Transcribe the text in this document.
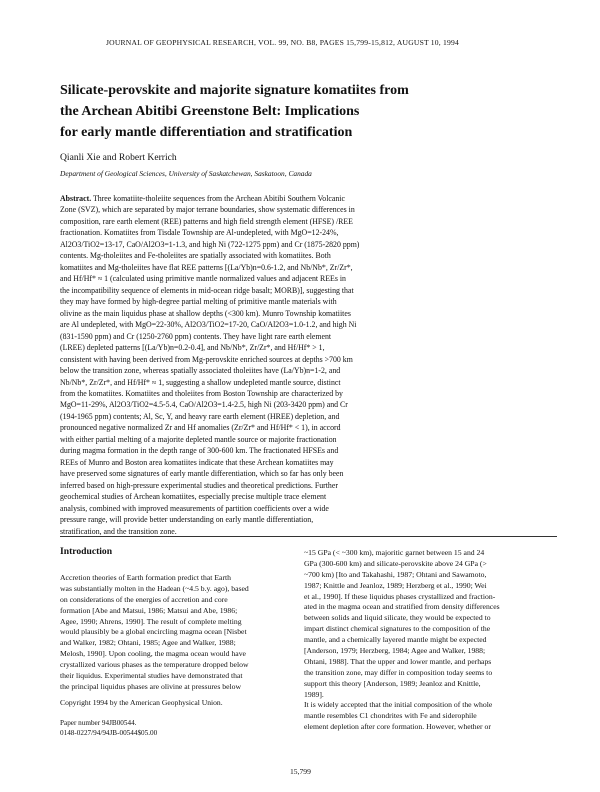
JOURNAL OF GEOPHYSICAL RESEARCH, VOL. 99, NO. B8, PAGES 15,799-15,812, AUGUST 10, 1994
Silicate-perovskite and majorite signature komatiites from
the Archean Abitibi Greenstone Belt: Implications
for early mantle differentiation and stratification
Qianli Xie and Robert Kerrich
Department of Geological Sciences, University of Saskatchewan, Saskatoon, Canada
Abstract. Three komatiite-tholeiite sequences from the Archean Abitibi Southern Volcanic
Zone (SVZ), which are separated by major terrane boundaries, show systematic differences in
composition, rare earth element (REE) patterns and high field strength element (HFSE) /REE
fractionation. Komatiites from Tisdale Township are Al-undepleted, with MgO=12-24%,
Al2O3/TiO2=13-17, CaO/Al2O3=1-1.3, and high Ni (722-1275 ppm) and Cr (1875-2820 ppm)
contents. Mg-tholeiites and Fe-tholeiites are spatially associated with komatiites. Both
komatiites and Mg-tholeiites have flat REE patterns [(La/Yb)n=0.6-1.2, and Nb/Nb*, Zr/Zr*,
and Hf/Hf* ≈ 1 (calculated using primitive mantle normalized values and adjacent REEs in
the incompatibility sequence of elements in mid-ocean ridge basalt; MORB)], suggesting that
they may have formed by high-degree partial melting of primitive mantle materials with
olivine as the main liquidus phase at shallow depths (<300 km). Munro Township komatiites
are Al undepleted, with MgO=22-30%, Al2O3/TiO2=17-20, CaO/Al2O3=1.0-1.2, and high Ni
(831-1590 ppm) and Cr (1250-2760 ppm) contents. They have light rare earth element
(LREE) depleted patterns [(La/Yb)n=0.2-0.4], and Nb/Nb*, Zr/Zr*, and Hf/Hf* > 1,
consistent with having been derived from Mg-perovskite enriched sources at depths >700 km
below the transition zone, whereas spatially associated tholeiites have (La/Yb)n=1-2, and
Nb/Nb*, Zr/Zr*, and Hf/Hf* ≈ 1, suggesting a shallow undepleted mantle source, distinct
from the komatiites. Komatiites and tholeiites from Boston Township are characterized by
MgO=11-29%, Al2O3/TiO2=4.5-5.4, CaO/Al2O3=1.4-2.5, high Ni (203-3420 ppm) and Cr
(194-1965 ppm) contents; Al, Sc, Y, and heavy rare earth element (HREE) depletion, and
pronounced negative normalized Zr and Hf anomalies (Zr/Zr* and Hf/Hf* < 1), in accord
with either partial melting of a majorite depleted mantle source or majorite fractionation
during magma formation in the depth range of 300-600 km. The fractionated HFSEs and
REEs of Munro and Boston area komatiites indicate that these Archean komatiites may
have preserved some signatures of early mantle differentiation, which so far has only been
inferred based on high-pressure experimental studies and theoretical predictions. Further
geochemical studies of Archean komatiites, especially precise multiple trace element
analysis, combined with improved measurements of partition coefficients over a wide
pressure range, will provide better understanding on early mantle differentiation,
stratification, and the transition zone.
Introduction
Accretion theories of Earth formation predict that Earth
was substantially molten in the Hadean (~4.5 b.y. ago), based
on considerations of the energies of accretion and core
formation [Abe and Matsui, 1986; Matsui and Abe, 1986;
Agee, 1990; Ahrens, 1990]. The result of complete melting
would plausibly be a global encircling magma ocean [Nisbet
and Walker, 1982; Ohtani, 1985; Agee and Walker, 1988;
Melosh, 1990]. Upon cooling, the magma ocean would have
crystallized various phases as the temperature dropped below
their liquidus. Experimental studies have demonstrated that
the principal liquidus phases are olivine at pressures below
Copyright 1994 by the American Geophysical Union.
Paper number 94JB00544.
0148-0227/94/94JB-00544$05.00
~15 GPa (< ~300 km), majoritic garnet between 15 and 24
GPa (300-600 km) and silicate-perovskite above 24 GPa (>
~700 km) [Ito and Takahashi, 1987; Ohtani and Sawamoto,
1987; Knittle and Jeanloz, 1989; Herzberg et al., 1990; Wei
et al., 1990]. If these liquidus phases crystallized and fraction-
ated in the magma ocean and stratified from density differences
between solids and liquid silicate, they would be expected to
impart distinct chemical signatures to the composition of the
mantle, and a chemically layered mantle might be expected
[Anderson, 1979; Herzberg, 1984; Agee and Walker, 1988;
Ohtani, 1988]. That the upper and lower mantle, and perhaps
the transition zone, may differ in composition today seems to
support this theory [Anderson, 1989; Jeanloz and Knittle,
1989].
It is widely accepted that the initial composition of the whole
mantle resembles C1 chondrites with Fe and siderophile
element depletion after core formation. However, whether or
15,799
